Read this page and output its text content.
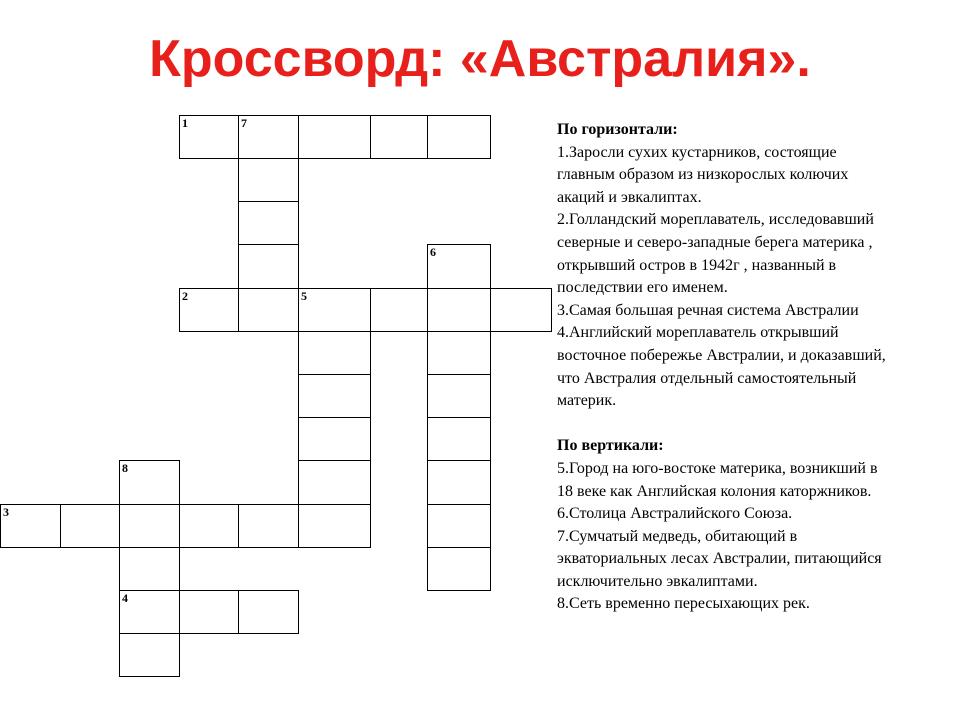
Кроссворд: «Австралия».
1	7
6
2	5
8
3
4
По горизонтали:
1.Заросли сухих кустарников, состоящие
главным образом из низкорослых колючих
акаций и эвкалиптах.
2.Голландский мореплаватель, исследовавший
северные и северо-западные берега материка ,
открывший остров в 1942г , названный в
последствии его именем.
3.Самая большая речная система Австралии
4.Английский мореплаватель открывший
восточное побережье Австралии, и доказавший,
что Австралия отдельный самостоятельный
материк.
По вертикали:
5.Город на юго-востоке материка, возникший в
18 веке как Английская колония каторжников.
6.Столица Австралийского Союза.
7.Сумчатый медведь, обитающий в
экваториальных лесах Австралии, питающийся
исключительно эвкалиптами.
8.Сеть временно пересыхающих рек.
